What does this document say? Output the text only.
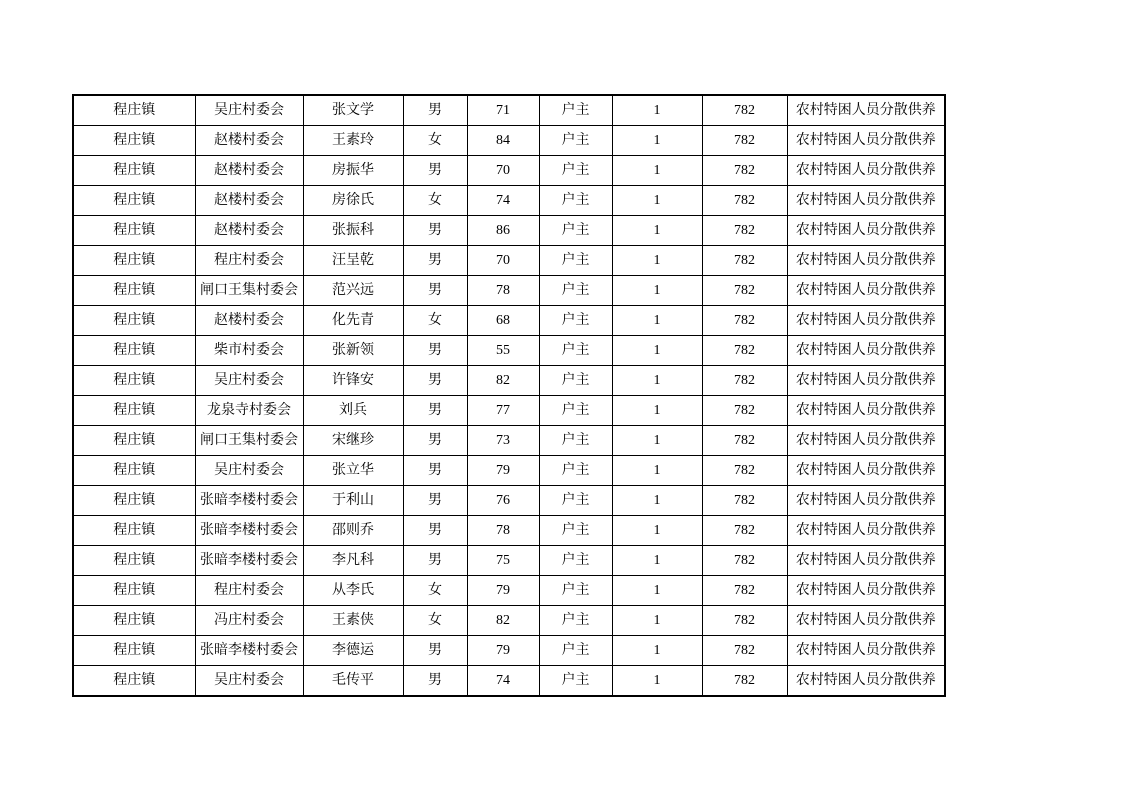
程庄镇	吴庄村委会	张文学	男	71	户主	1	782	农村特困人员分散供养
程庄镇	赵楼村委会	王素玲	女	84	户主	1	782	农村特困人员分散供养
程庄镇	赵楼村委会	房振华	男	70	户主	1	782	农村特困人员分散供养
程庄镇	赵楼村委会	房徐氏	女	74	户主	1	782	农村特困人员分散供养
程庄镇	赵楼村委会	张振科	男	86	户主	1	782	农村特困人员分散供养
程庄镇	程庄村委会	汪呈乾	男	70	户主	1	782	农村特困人员分散供养
程庄镇	闸口王集村委会	范兴远	男	78	户主	1	782	农村特困人员分散供养
程庄镇	赵楼村委会	化先青	女	68	户主	1	782	农村特困人员分散供养
程庄镇	柴市村委会	张新领	男	55	户主	1	782	农村特困人员分散供养
程庄镇	吴庄村委会	许锋安	男	82	户主	1	782	农村特困人员分散供养
程庄镇	龙泉寺村委会	刘兵	男	77	户主	1	782	农村特困人员分散供养
程庄镇	闸口王集村委会	宋继珍	男	73	户主	1	782	农村特困人员分散供养
程庄镇	吴庄村委会	张立华	男	79	户主	1	782	农村特困人员分散供养
程庄镇	张暗李楼村委会	于利山	男	76	户主	1	782	农村特困人员分散供养
程庄镇	张暗李楼村委会	邵则乔	男	78	户主	1	782	农村特困人员分散供养
程庄镇	张暗李楼村委会	李凡科	男	75	户主	1	782	农村特困人员分散供养
程庄镇	程庄村委会	从李氏	女	79	户主	1	782	农村特困人员分散供养
程庄镇	冯庄村委会	王素侠	女	82	户主	1	782	农村特困人员分散供养
程庄镇	张暗李楼村委会	李德运	男	79	户主	1	782	农村特困人员分散供养
程庄镇	吴庄村委会	毛传平	男	74	户主	1	782	农村特困人员分散供养
